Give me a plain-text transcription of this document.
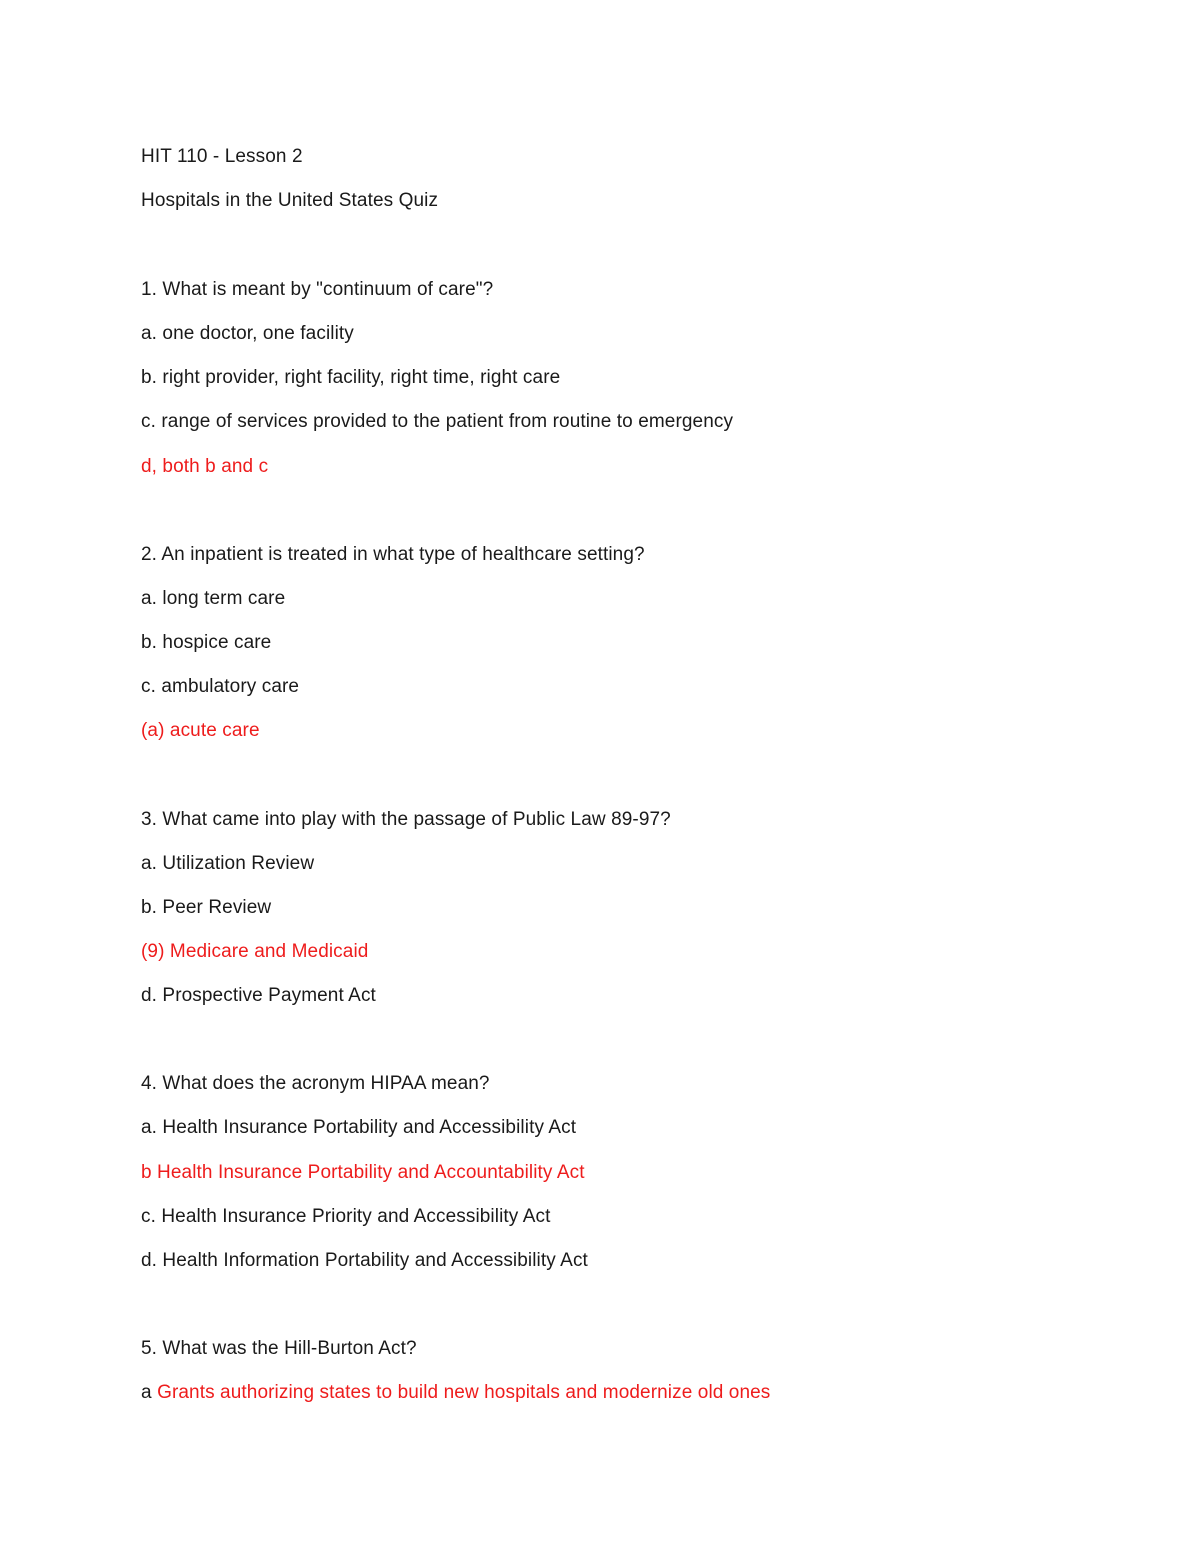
HIT 110 - Lesson 2
Hospitals in the United States Quiz
1. What is meant by "continuum of care"?
a. one doctor, one facility
b. right provider, right facility, right time, right care
c. range of services provided to the patient from routine to emergency
d, both b and c
2. An inpatient is treated in what type of healthcare setting?
a. long term care
b. hospice care
c. ambulatory care
(a) acute care
3. What came into play with the passage of Public Law 89-97?
a. Utilization Review
b. Peer Review
(9) Medicare and Medicaid
d. Prospective Payment Act
4. What does the acronym HIPAA mean?
a. Health Insurance Portability and Accessibility Act
b Health Insurance Portability and Accountability Act
c. Health Insurance Priority and Accessibility Act
d. Health Information Portability and Accessibility Act
5. What was the Hill-Burton Act?
a Grants authorizing states to build new hospitals and modernize old ones
